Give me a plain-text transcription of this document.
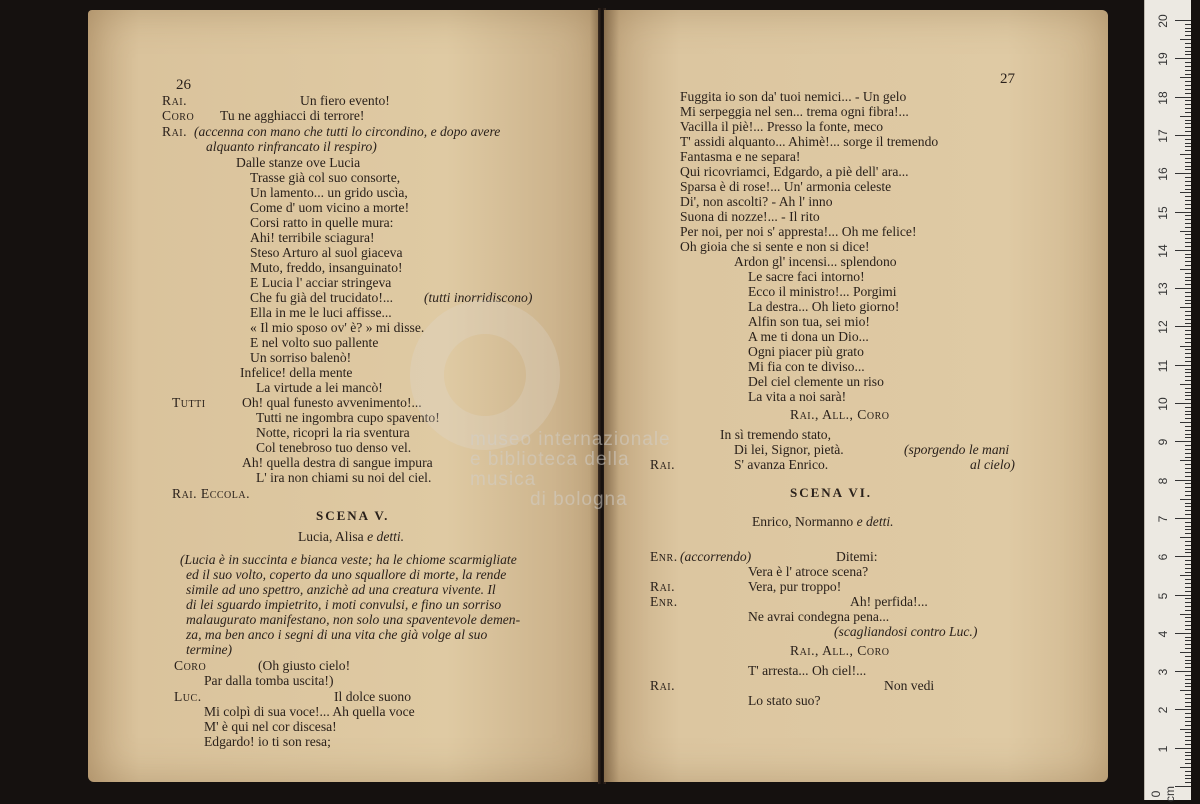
26
Rai.	Un fiero evento!
Coro Tu ne agghiacci di terrore!
Rai. (accenna con mano che tutti lo circondino, e dopo avere
alquanto rinfrancato il respiro)
Dalle stanze ove Lucia
Trasse già col suo consorte,
Un lamento... un grido uscìa,
Come d' uom vicino a morte!
Corsi ratto in quelle mura:
Ahi! terribile sciagura!
Steso Arturo al suol giaceva
Muto, freddo, insanguinato!
E Lucia l' acciar stringeva
Che fu già del trucidato!... (tutti inorridiscono)
Ella in me le luci affisse...
« Il mio sposo ov' è? » mi disse.
E nel volto suo pallente
Un sorriso balenò!
Infelice! della mente
La virtude a lei mancò!
Tutti	Oh! qual funesto avvenimento!...
Tutti ne ingombra cupo spavento!
Notte, ricopri la ria sventura
Col tenebroso tuo denso vel.
Ah! quella destra di sangue impura
L' ira non chiami su noi del ciel.
Rai. Eccola.
SCENA V.
Lucia, Alisa e detti.
(Lucia è in succinta e bianca veste; ha le chiome scarmigliate
ed il suo volto, coperto da uno squallore di morte, la rende
simile ad uno spettro, anzichè ad una creatura vivente. Il
di lei sguardo impietrito, i moti convulsi, e fino un sorriso
malaugurato manifestano, non solo una spaventevole demen-
za, ma ben anco i segni di una vita che già volge al suo
termine)
Coro	(Oh giusto cielo!
Par dalla tomba uscita!)
Luc.	Il dolce suono
Mi colpì di sua voce!... Ah quella voce
M' è qui nel cor discesa!
Edgardo! io ti son resa;
27
Fuggita io son da' tuoi nemici... - Un gelo
Mi serpeggia nel sen... trema ogni fibra!...
Vacilla il piè!... Presso la fonte, meco
T' assidi alquanto... Ahimè!... sorge il tremendo
Fantasma e ne separa!
Qui ricovriamci, Edgardo, a piè dell' ara...
Sparsa è di rose!... Un' armonia celeste
Di', non ascolti? - Ah l' inno
Suona di nozze!... - Il rito
Per noi, per noi s' appresta!... Oh me felice!
Oh gioia che si sente e non si dice!
Ardon gl' incensi... splendono
Le sacre faci intorno!
Ecco il ministro!... Porgimi
La destra... Oh lieto giorno!
Alfin son tua, sei mio!
A me ti dona un Dio...
Ogni piacer più grato
Mi fia con te diviso...
Del ciel clemente un riso
La vita a noi sarà!
Rai., All., Coro
In sì tremendo stato,
Di lei, Signor, pietà.	(sporgendo le mani
Rai.	S' avanza Enrico.	al cielo)
SCENA VI.
Enrico, Normanno e detti.
Enr. (accorrendo)	Ditemi:
Vera è l' atroce scena?
Rai.	Vera, pur troppo!
Enr.	Ah! perfida!...
Ne avrai condegna pena...
(scagliandosi contro Luc.)
Rai., All., Coro
T' arresta... Oh ciel!...
Rai.	Non vedi
Lo stato suo?
museo internazionale
e biblioteca della musica
di bologna
20
19
18
17
16
15
14
13
12
11
10
9
8
7
6
5
4
3
2
1
0 cm
